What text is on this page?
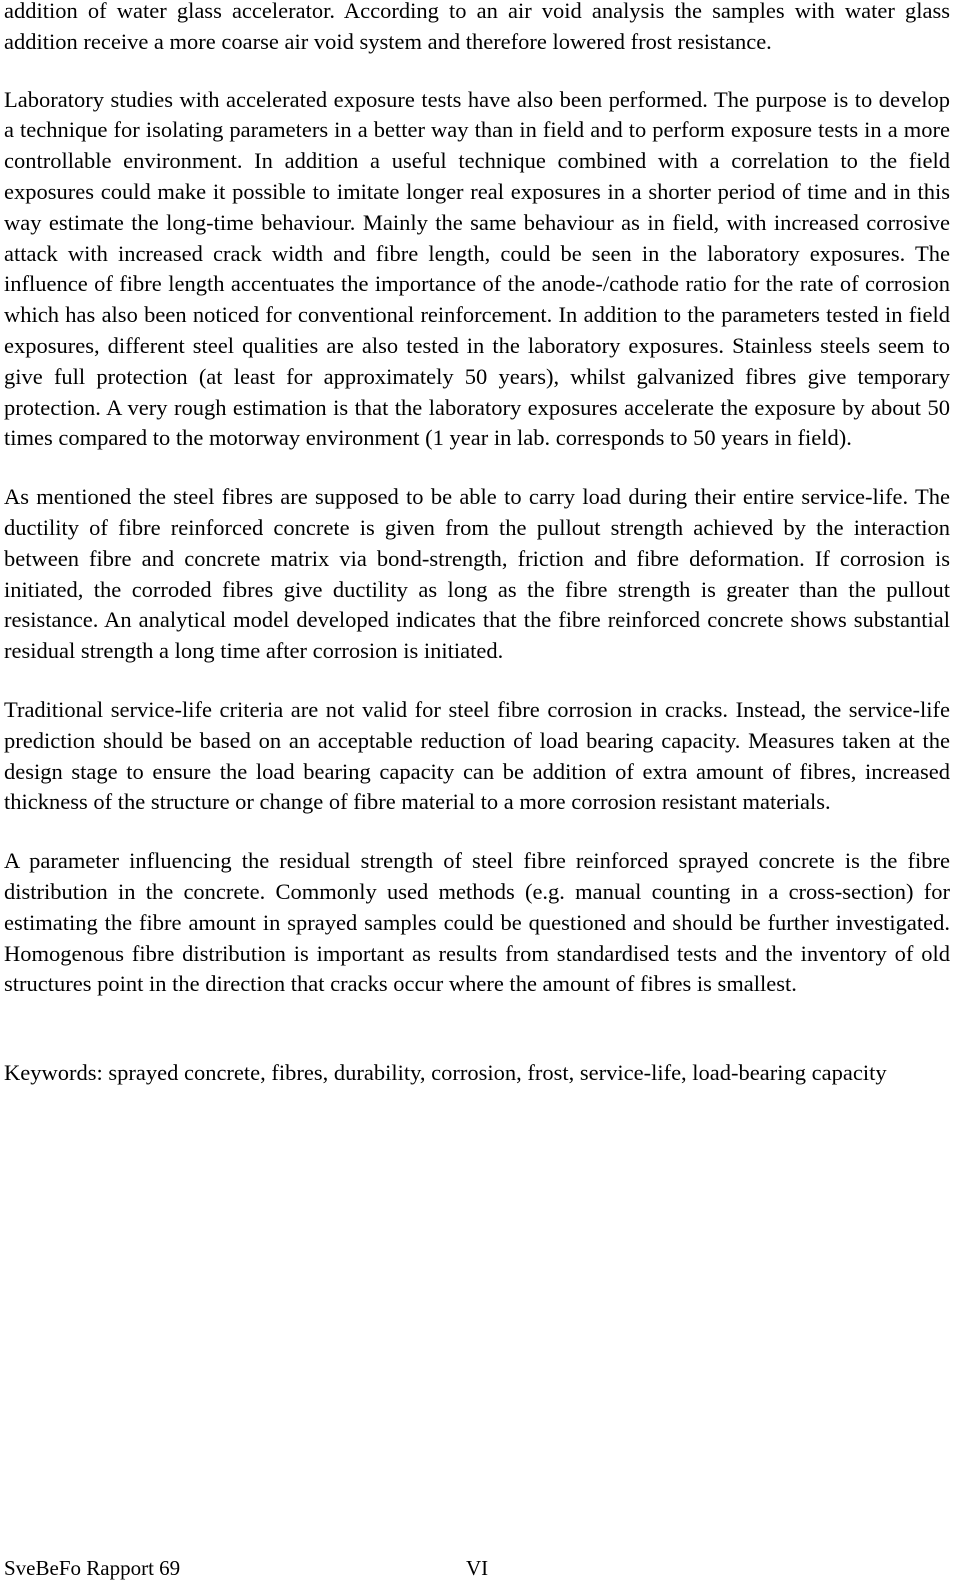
addition of water glass accelerator. According to an air void analysis the samples with water glass addition receive a more coarse air void system and therefore lowered frost resistance.

Laboratory studies with accelerated exposure tests have also been performed. The purpose is to develop a technique for isolating parameters in a better way than in field and to perform exposure tests in a more controllable environment. In addition a useful technique combined with a correlation to the field exposures could make it possible to imitate longer real exposures in a shorter period of time and in this way estimate the long-time behaviour. Mainly the same behaviour as in field, with increased corrosive attack with increased crack width and fibre length, could be seen in the laboratory exposures. The influence of fibre length accentuates the importance of the anode-/cathode ratio for the rate of corrosion which has also been noticed for conventional reinforcement. In addition to the parameters tested in field exposures, different steel qualities are also tested in the laboratory exposures. Stainless steels seem to give full protection (at least for approximately 50 years), whilst galvanized fibres give temporary protection. A very rough estimation is that the laboratory exposures accelerate the exposure by about 50 times compared to the motorway environment (1 year in lab. corresponds to 50 years in field).

As mentioned the steel fibres are supposed to be able to carry load during their entire service-life. The ductility of fibre reinforced concrete is given from the pullout strength achieved by the interaction between fibre and concrete matrix via bond-strength, friction and fibre deformation. If corrosion is initiated, the corroded fibres give ductility as long as the fibre strength is greater than the pullout resistance. An analytical model developed indicates that the fibre reinforced concrete shows substantial residual strength a long time after corrosion is initiated.

Traditional service-life criteria are not valid for steel fibre corrosion in cracks. Instead, the service-life prediction should be based on an acceptable reduction of load bearing capacity. Measures taken at the design stage to ensure the load bearing capacity can be addition of extra amount of fibres, increased thickness of the structure or change of fibre material to a more corrosion resistant materials.

A parameter influencing the residual strength of steel fibre reinforced sprayed concrete is the fibre distribution in the concrete. Commonly used methods (e.g. manual counting in a cross-section) for estimating the fibre amount in sprayed samples could be questioned and should be further investigated. Homogenous fibre distribution is important as results from standardised tests and the inventory of old structures point in the direction that cracks occur where the amount of fibres is smallest.

Keywords: sprayed concrete, fibres, durability, corrosion, frost, service-life, load-bearing capacity

SveBeFo Rapport 69	VI
